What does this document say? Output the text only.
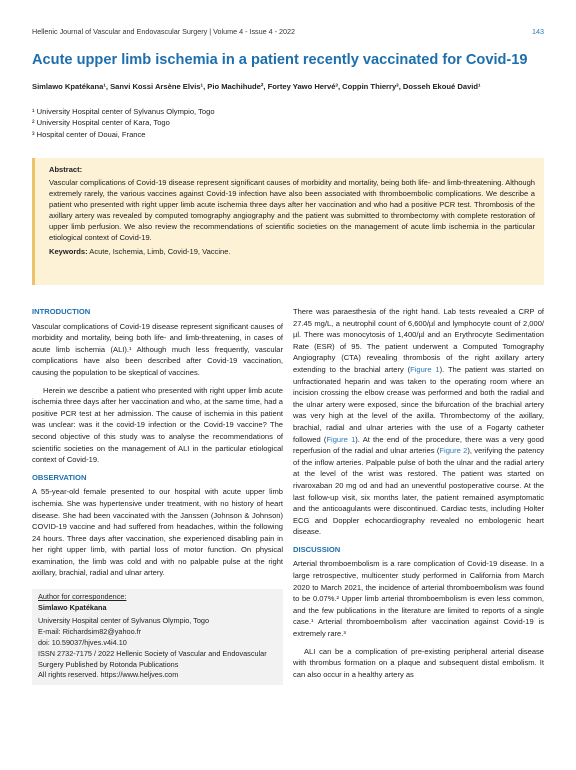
Hellenic Journal of Vascular and Endovascular Surgery | Volume 4 - Issue 4 - 2022	143
Acute upper limb ischemia in a patient recently vaccinated for Covid-19
Simlawo Kpatékana¹, Sanvi Kossi Arsène Elvis¹, Pio Machihude², Fortey Yawo Hervé³, Coppin Thierry³, Dosseh Ekoué David¹
¹ University Hospital center of Sylvanus Olympio, Togo
² University Hospital center of Kara, Togo
³ Hospital center of Douai, France
Abstract:

Vascular complications of Covid-19 disease represent significant causes of morbidity and mortality, being both life- and limb-threatening. Although extremely rarely, the various vaccines against Covid-19 infection have also been associated with thromboembolic complications. We describe a patient who presented with right upper limb acute ischemia three days after her vaccination and who had a positive PCR test. Thrombosis of the axillary artery was revealed by computed tomography angiography and the patient was submitted to thrombectomy with complete restoration of upper limb perfusion. We also review the recommendations of scientific societies on the management of acute limb ischemia in the particular etiological context of Covid-19.

Keywords: Acute, Ischemia, Limb, Covid-19, Vaccine.
INTRODUCTION

Vascular complications of Covid-19 disease represent significant causes of morbidity and mortality, being both life- and limb-threatening, in cases of acute limb ischemia (ALI).¹ Although much less frequently, vascular complications have also been described after Covid-19 vaccination, causing the population to be skeptical of vaccines.

Herein we describe a patient who presented with right upper limb acute ischemia three days after her vaccination and who, at the same time, had a positive PCR test at her admission. The cause of ischemia in this patient was unclear: was it the covid-19 infection or the Covid-19 vaccine? The second objective of this study was to analyse the recommendations of scientific societies on the management of ALI in the particular etiological context of Covid-19.

OBSERVATION

A 55-year-old female presented to our hospital with acute upper limb ischemia. She was hypertensive under treatment, with no history of heart disease. She had been vaccinated with the Janssen (Johnson & Johnson) COVID-19 vaccine and had suffered from headaches, within the following 24 hours. Three days after vaccination, she experienced disabling pain in her right upper limb, with partial loss of motor function. On physical examination, the limb was cold and with no palpable pulse at the right axillary, brachial, radial and ulnar artery.

Author for correspondence:
Simlawo Kpatékana
University Hospital center of Sylvanus Olympio, Togo
E-mail: Richardsim82@yahoo.fr
doi: 10.59037/hjves.v4i4.10
ISSN 2732-7175 / 2022 Hellenic Society of Vascular and Endovascular Surgery Published by Rotonda Publications
All rights reserved. https://www.heljves.com

There was paraesthesia of the right hand. Lab tests revealed a CRP of 27.45 mg/L, a neutrophil count of 6,600/µl and lymphocyte count of 2,000/µl. There was monocytosis of 1,400/µl and an Erythrocyte Sedimentation Rate (ESR) of 95. The patient underwent a Computed Tomography Angiography (CTA) revealing thrombosis of the right axillary artery extending to the brachial artery (Figure 1). The patient was started on unfractionated heparin and was taken to the operating room where an incision crossing the elbow crease was performed and both the radial and the ulnar artery were exposed, since the bifurcation of the brachial artery was very high at the level of the axilla. Thrombectomy of the axillary, brachial, radial and ulnar arteries with the use of a Fogarty catheter followed (Figure 1). At the end of the procedure, there was a very good reperfusion of the radial and ulnar arteries (Figure 2), verifying the patency of the inflow arteries. Palpable pulse of both the ulnar and the radial artery at the level of the wrist was restored. The patient was started on rivaroxaban 20 mg od and had an uneventful postoperative course. At the last follow-up visit, six months later, the patient remained asymptomatic and the anticoagulants were discontinued. Cardiac tests, including Holter ECG and Doppler echocardiography revealed no embologenic heart disease.

DISCUSSION

Arterial thromboembolism is a rare complication of Covid-19 disease. In a large retrospective, multicenter study performed in California from March 2020 to March 2021, the incidence of arterial thromboembolism was found to be 0.07%.² Upper limb arterial thromboembolism is even less common, and the few publications in the literature are limited to reports of a single case.¹ Arterial thromboembolism after vaccination against Covid-19 is extremely rare.³

ALI can be a complication of pre-existing peripheral arterial disease with thrombus formation on a plaque and subsequent distal embolism. It can also occur in a healthy artery as
